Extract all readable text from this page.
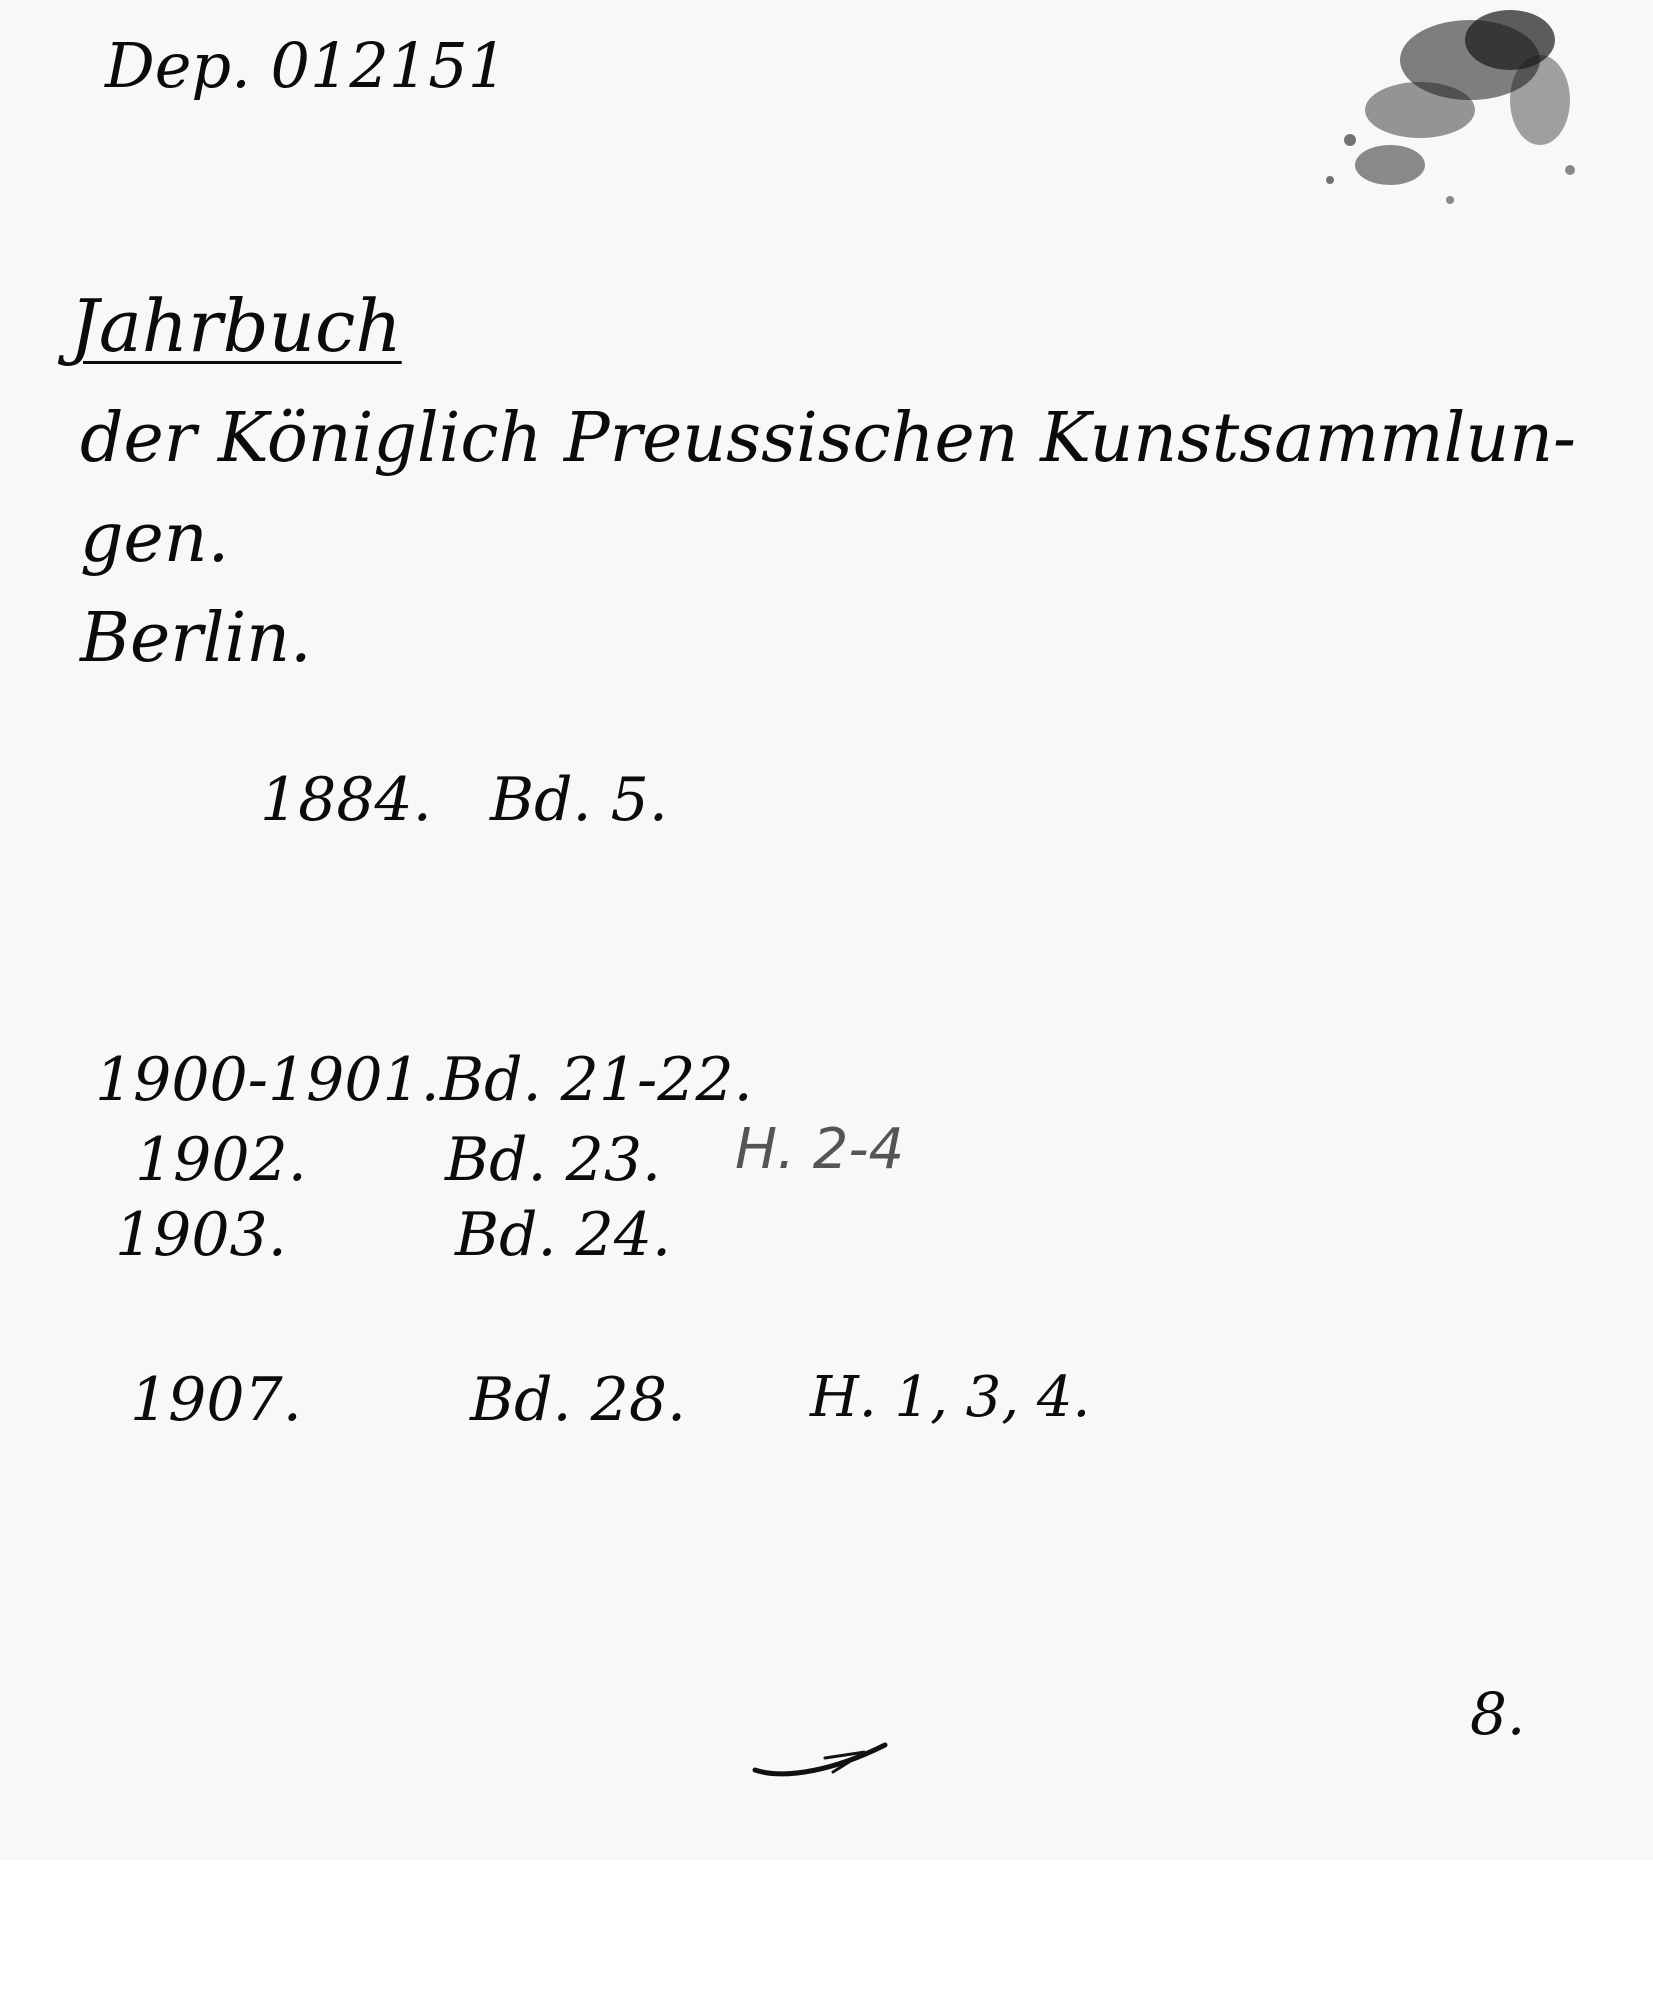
Dep. 012151
Jahrbuch
der Königlich Preussischen Kunstsammlun-
gen.
Berlin.
1884. Bd. 5.
1900-1901. Bd. 21-22.
1902. Bd. 23. H. 2-4
1903.	Bd. 24.
1907.	Bd. 28. H. 1, 3, 4.
8.
